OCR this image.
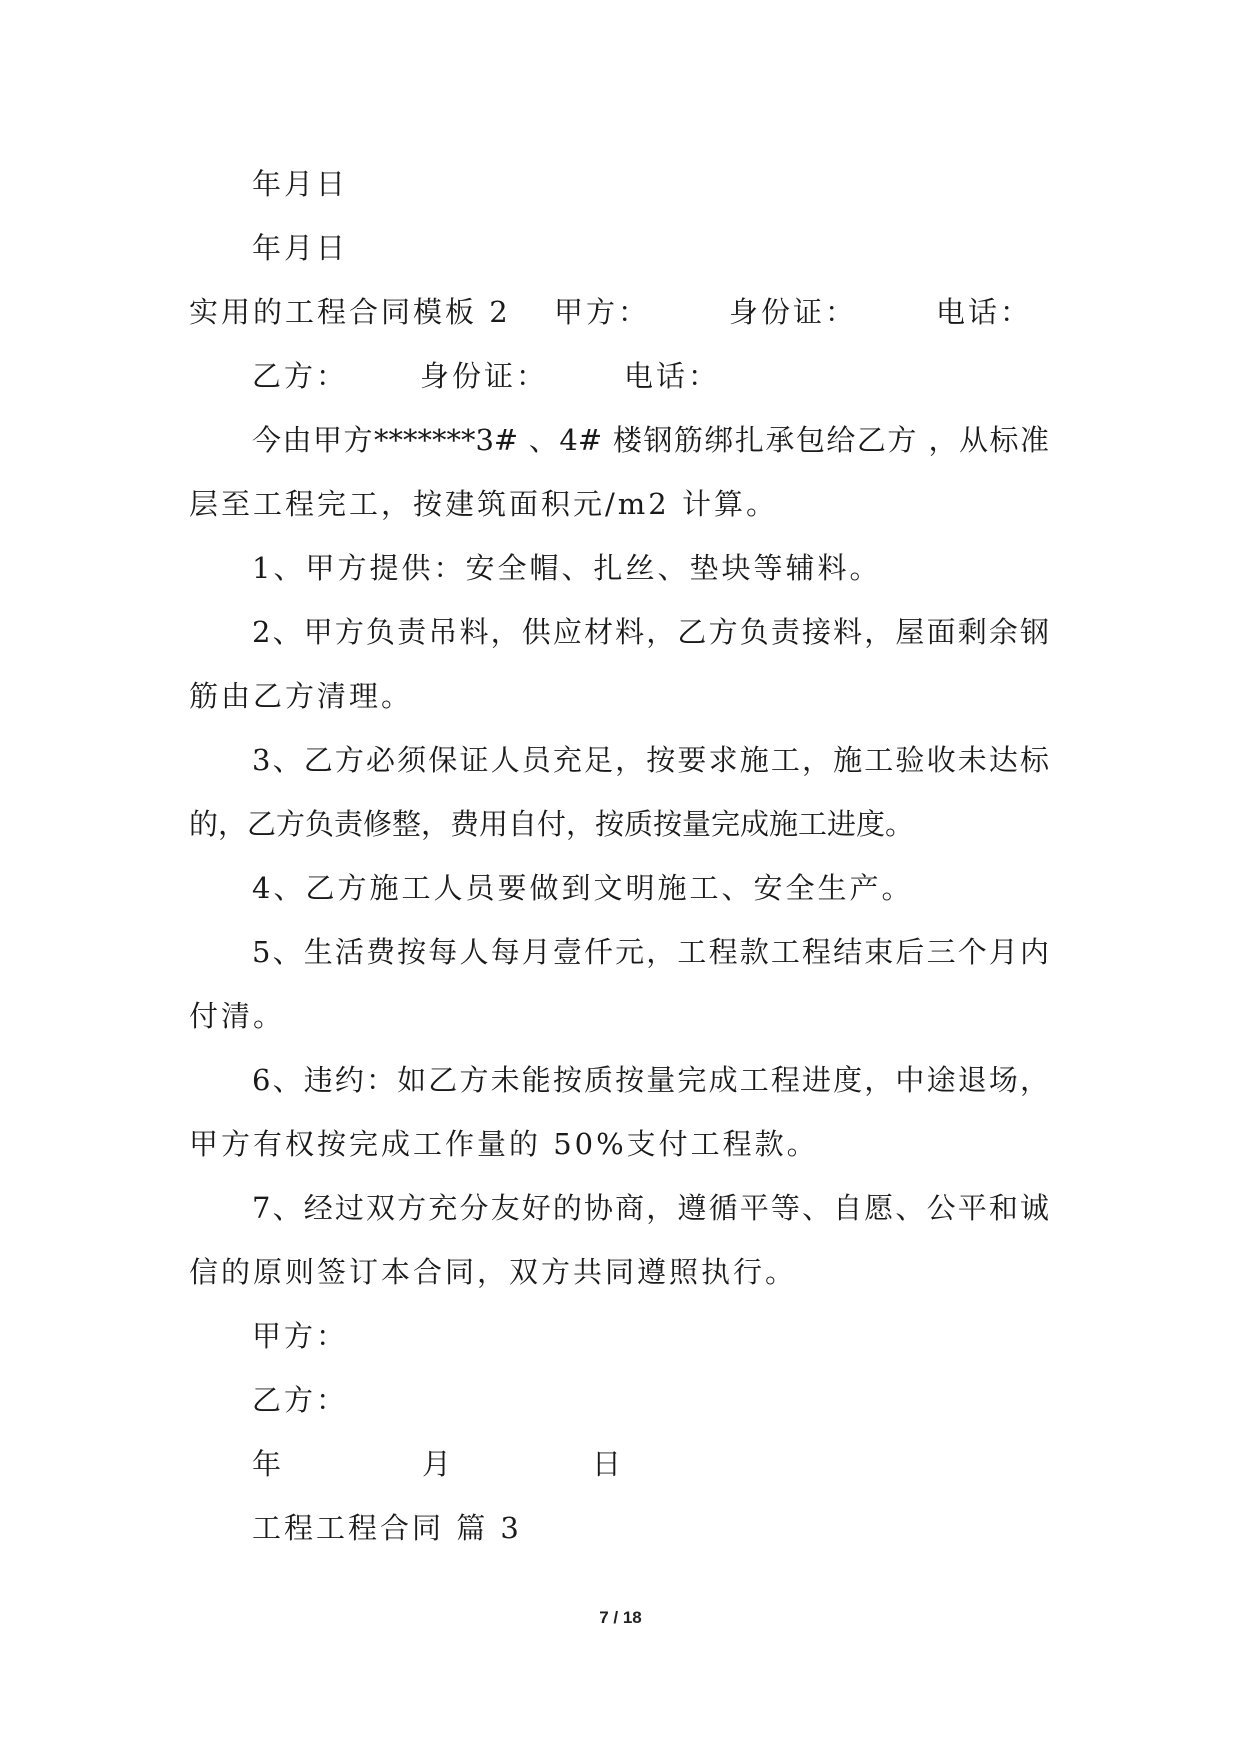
年月日
年月日
实用的工程合同模板 2 甲方：	身份证：	电话：
乙方： 身份证：	电话：
今由甲方*******3# 、4# 楼钢筋绑扎承包给乙方 ，从标准
层至工程完工，按建筑面积元/m2 计算。
1、甲方提供：安全帽、扎丝、垫块等辅料。
2、甲方负责吊料，供应材料，乙方负责接料，屋面剩余钢
筋由乙方清理。
3、乙方必须保证人员充足，按要求施工，施工验收未达标
的，乙方负责修整，费用自付，按质按量完成施工进度。
4、乙方施工人员要做到文明施工、安全生产。
5、生活费按每人每月壹仟元，工程款工程结束后三个月内
付清。
6、违约：如乙方未能按质按量完成工程进度，中途退场，
甲方有权按完成工作量的 50%支付工程款。
7、经过双方充分友好的协商，遵循平等、自愿、公平和诚
信的原则签订本合同，双方共同遵照执行。
甲方：
乙方：
年	月	日
工程工程合同 篇 3
7 / 18
